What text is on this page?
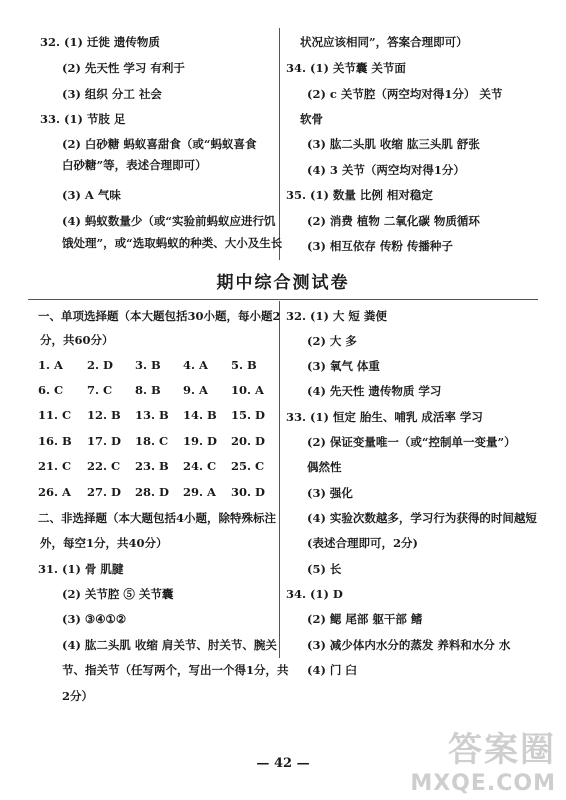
32. (1) 迁徙 遗传物质
(2) 先天性 学习 有利于
(3) 组织 分工 社会
33. (1) 节肢 足
(2) 白砂糖 蚂蚁喜甜食（或“蚂蚁喜食
白砂糖”等，表述合理即可）
(3) A 气味
(4) 蚂蚁数量少（或“实验前蚂蚁应进行饥
饿处理”，或“选取蚂蚁的种类、大小及生长
状况应该相同”，答案合理即可）
34. (1) 关节囊 关节面
(2) c 关节腔（两空均对得1分） 关节
软骨
(3) 肱二头肌 收缩 肱三头肌 舒张
(4) 3 关节（两空均对得1分）
35. (1) 数量 比例 相对稳定
(2) 消费 植物 二氧化碳 物质循环
(3) 相互依存 传粉 传播种子
期中综合测试卷
一、单项选择题（本大题包括30小题，每小题2
分，共60分）
1. A 2. D 3. B 4. A 5. B
6. C 7. C 8. B 9. A 10. A
11. C 12. B 13. B 14. B 15. D
16. B 17. D 18. C 19. D 20. D
21. C 22. C 23. B 24. C 25. C
26. A 27. D 28. D 29. A 30. D
二、非选择题（本大题包括4小题，除特殊标注
外，每空1分，共40分）
31. (1) 骨 肌腱
(2) 关节腔 ⑤ 关节囊
(3) ③④①②
(4) 肱二头肌 收缩 肩关节、肘关节、腕关
节、指关节（任写两个，写出一个得1分，共
2分）
32. (1) 大 短 粪便
(2) 大 多
(3) 氧气 体重
(4) 先天性 遗传物质 学习
33. (1) 恒定 胎生、哺乳 成活率 学习
(2) 保证变量唯一（或“控制单一变量”）
偶然性
(3) 强化
(4) 实验次数越多，学习行为获得的时间越短
(表述合理即可，2分)
(5) 长
34. (1) D
(2) 鳃 尾部 躯干部 鳍
(3) 减少体内水分的蒸发 养料和水分 水
(4) 门 臼
— 42 —	答案圈
MXQE.COM
